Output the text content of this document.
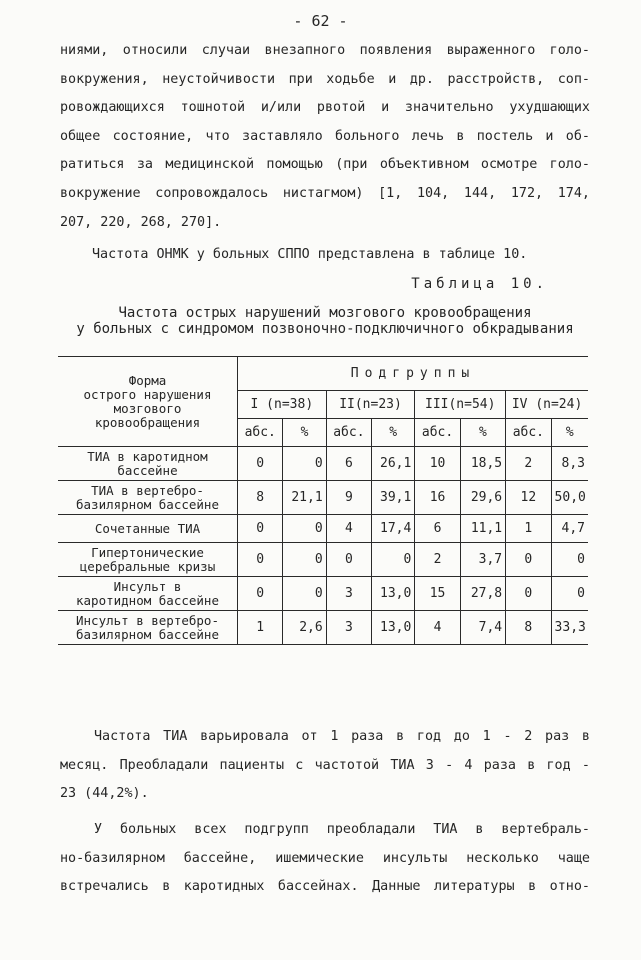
- 62 -
ниями, относили случаи внезапного появления выраженного голо-
вокружения, неустойчивости при ходьбе и др. расстройств, соп-
ровождающихся тошнотой и/или рвотой и значительно ухудшающих
общее состояние, что заставляло больного лечь в постель и об-
ратиться за медицинской помощью (при объективном осмотре голо-
вокружение сопровождалось нистагмом) [1, 104, 144, 172, 174,
207, 220, 268, 270].
Частота ОНМК у больных СППО представлена в таблице 10.
Таблица 10.
Частота острых нарушений мозгового кровообращения
у больных с синдромом позвоночно-подключичного обкрадывания
Форма
острого нарушения
мозгового
кровообращения	Подгруппы							
	I (n=38)		II(n=23)		III(n=54)		IV (n=24)	
	абс.	%	абс.	%	абс.	%	абс.	%

ТИА в каротидном
бассейне	0	0	6	26,1	10	18,5	2	8,3

ТИА в вертебро-
базилярном бассейне	8	21,1	9	39,1	16	29,6	12	50,0

Сочетанные ТИА	0	0	4	17,4	6	11,1	1	4,7

Гипертонические
церебральные кризы	0	0	0	0	2	3,7	0	0

Инсульт в
каротидном бассейне	0	0	3	13,0	15	27,8	0	0

Инсульт в вертебро-
базилярном бассейне	1	2,6	3	13,0	4	7,4	8	33,3
Частота ТИА варьировала от 1 раза в год до 1 - 2 раз в
месяц. Преобладали пациенты с частотой ТИА 3 - 4 раза в год -
23 (44,2%).
У больных всех подгрупп преобладали ТИА в вертебраль-
но-базилярном бассейне, ишемические инсульты несколько чаще
встречались в каротидных бассейнах. Данные литературы в отно-
